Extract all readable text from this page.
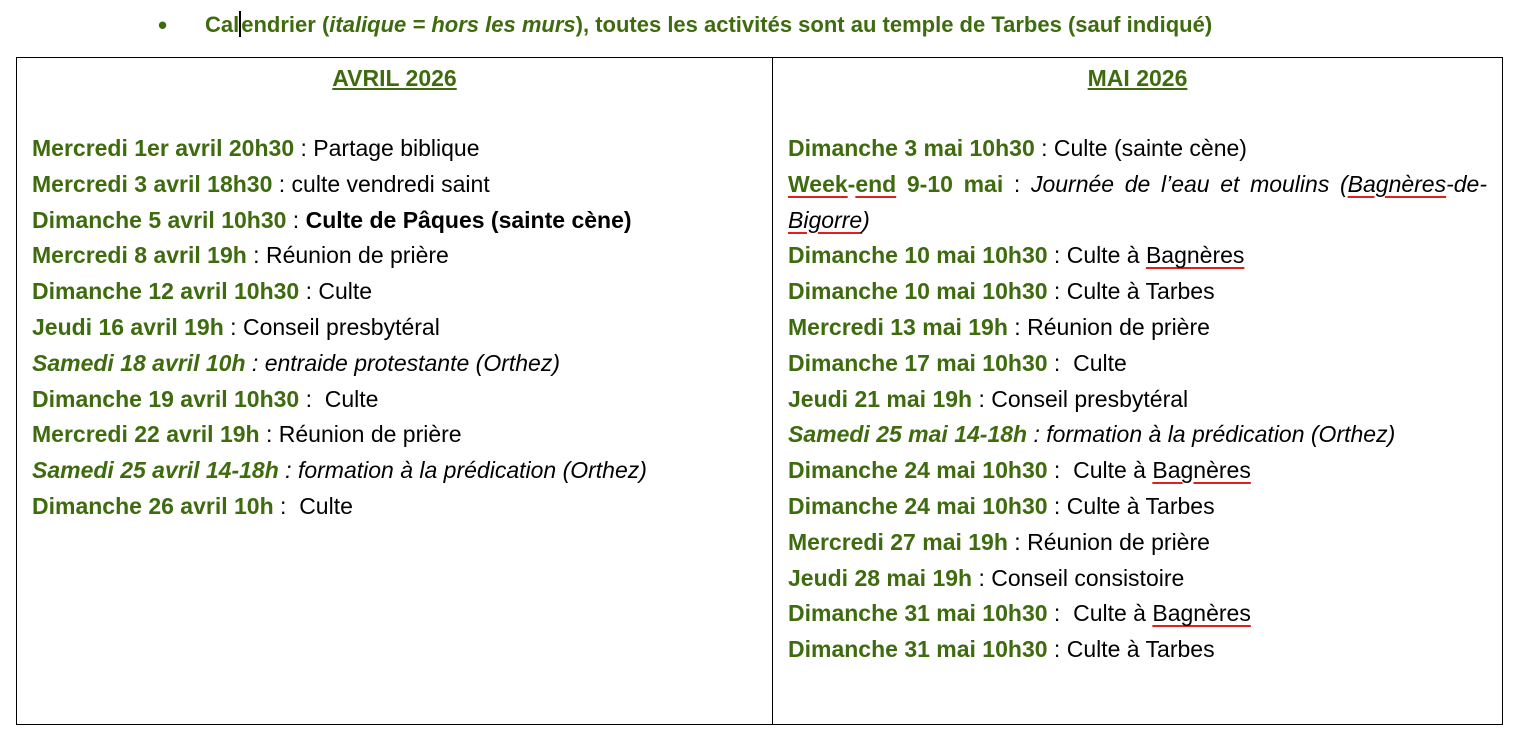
• Calendrier (italique = hors les murs), toutes les activités sont au temple de Tarbes (sauf indiqué)
AVRIL 2026
Mercredi 1er avril 20h30 : Partage biblique
Mercredi 3 avril 18h30 : culte vendredi saint
Dimanche 5 avril 10h30 : Culte de Pâques (sainte cène)
Mercredi 8 avril 19h : Réunion de prière
Dimanche 12 avril 10h30 : Culte
Jeudi 16 avril 19h : Conseil presbytéral
Samedi 18 avril 10h : entraide protestante (Orthez)
Dimanche 19 avril 10h30 :  Culte
Mercredi 22 avril 19h : Réunion de prière
Samedi 25 avril 14-18h : formation à la prédication (Orthez)
Dimanche 26 avril 10h :  Culte
MAI 2026
Dimanche 3 mai 10h30 : Culte (sainte cène)
Week-end 9-10 mai : Journée de l’eau et moulins (Bagnères-de-Bigorre)
Dimanche 10 mai 10h30 : Culte à Bagnères
Dimanche 10 mai 10h30 : Culte à Tarbes
Mercredi 13 mai 19h : Réunion de prière
Dimanche 17 mai 10h30 :  Culte
Jeudi 21 mai 19h : Conseil presbytéral
Samedi 25 mai 14-18h : formation à la prédication (Orthez)
Dimanche 24 mai 10h30 :  Culte à Bagnères
Dimanche 24 mai 10h30 : Culte à Tarbes
Mercredi 27 mai 19h : Réunion de prière
Jeudi 28 mai 19h : Conseil consistoire
Dimanche 31 mai 10h30 :  Culte à Bagnères
Dimanche 31 mai 10h30 : Culte à Tarbes
